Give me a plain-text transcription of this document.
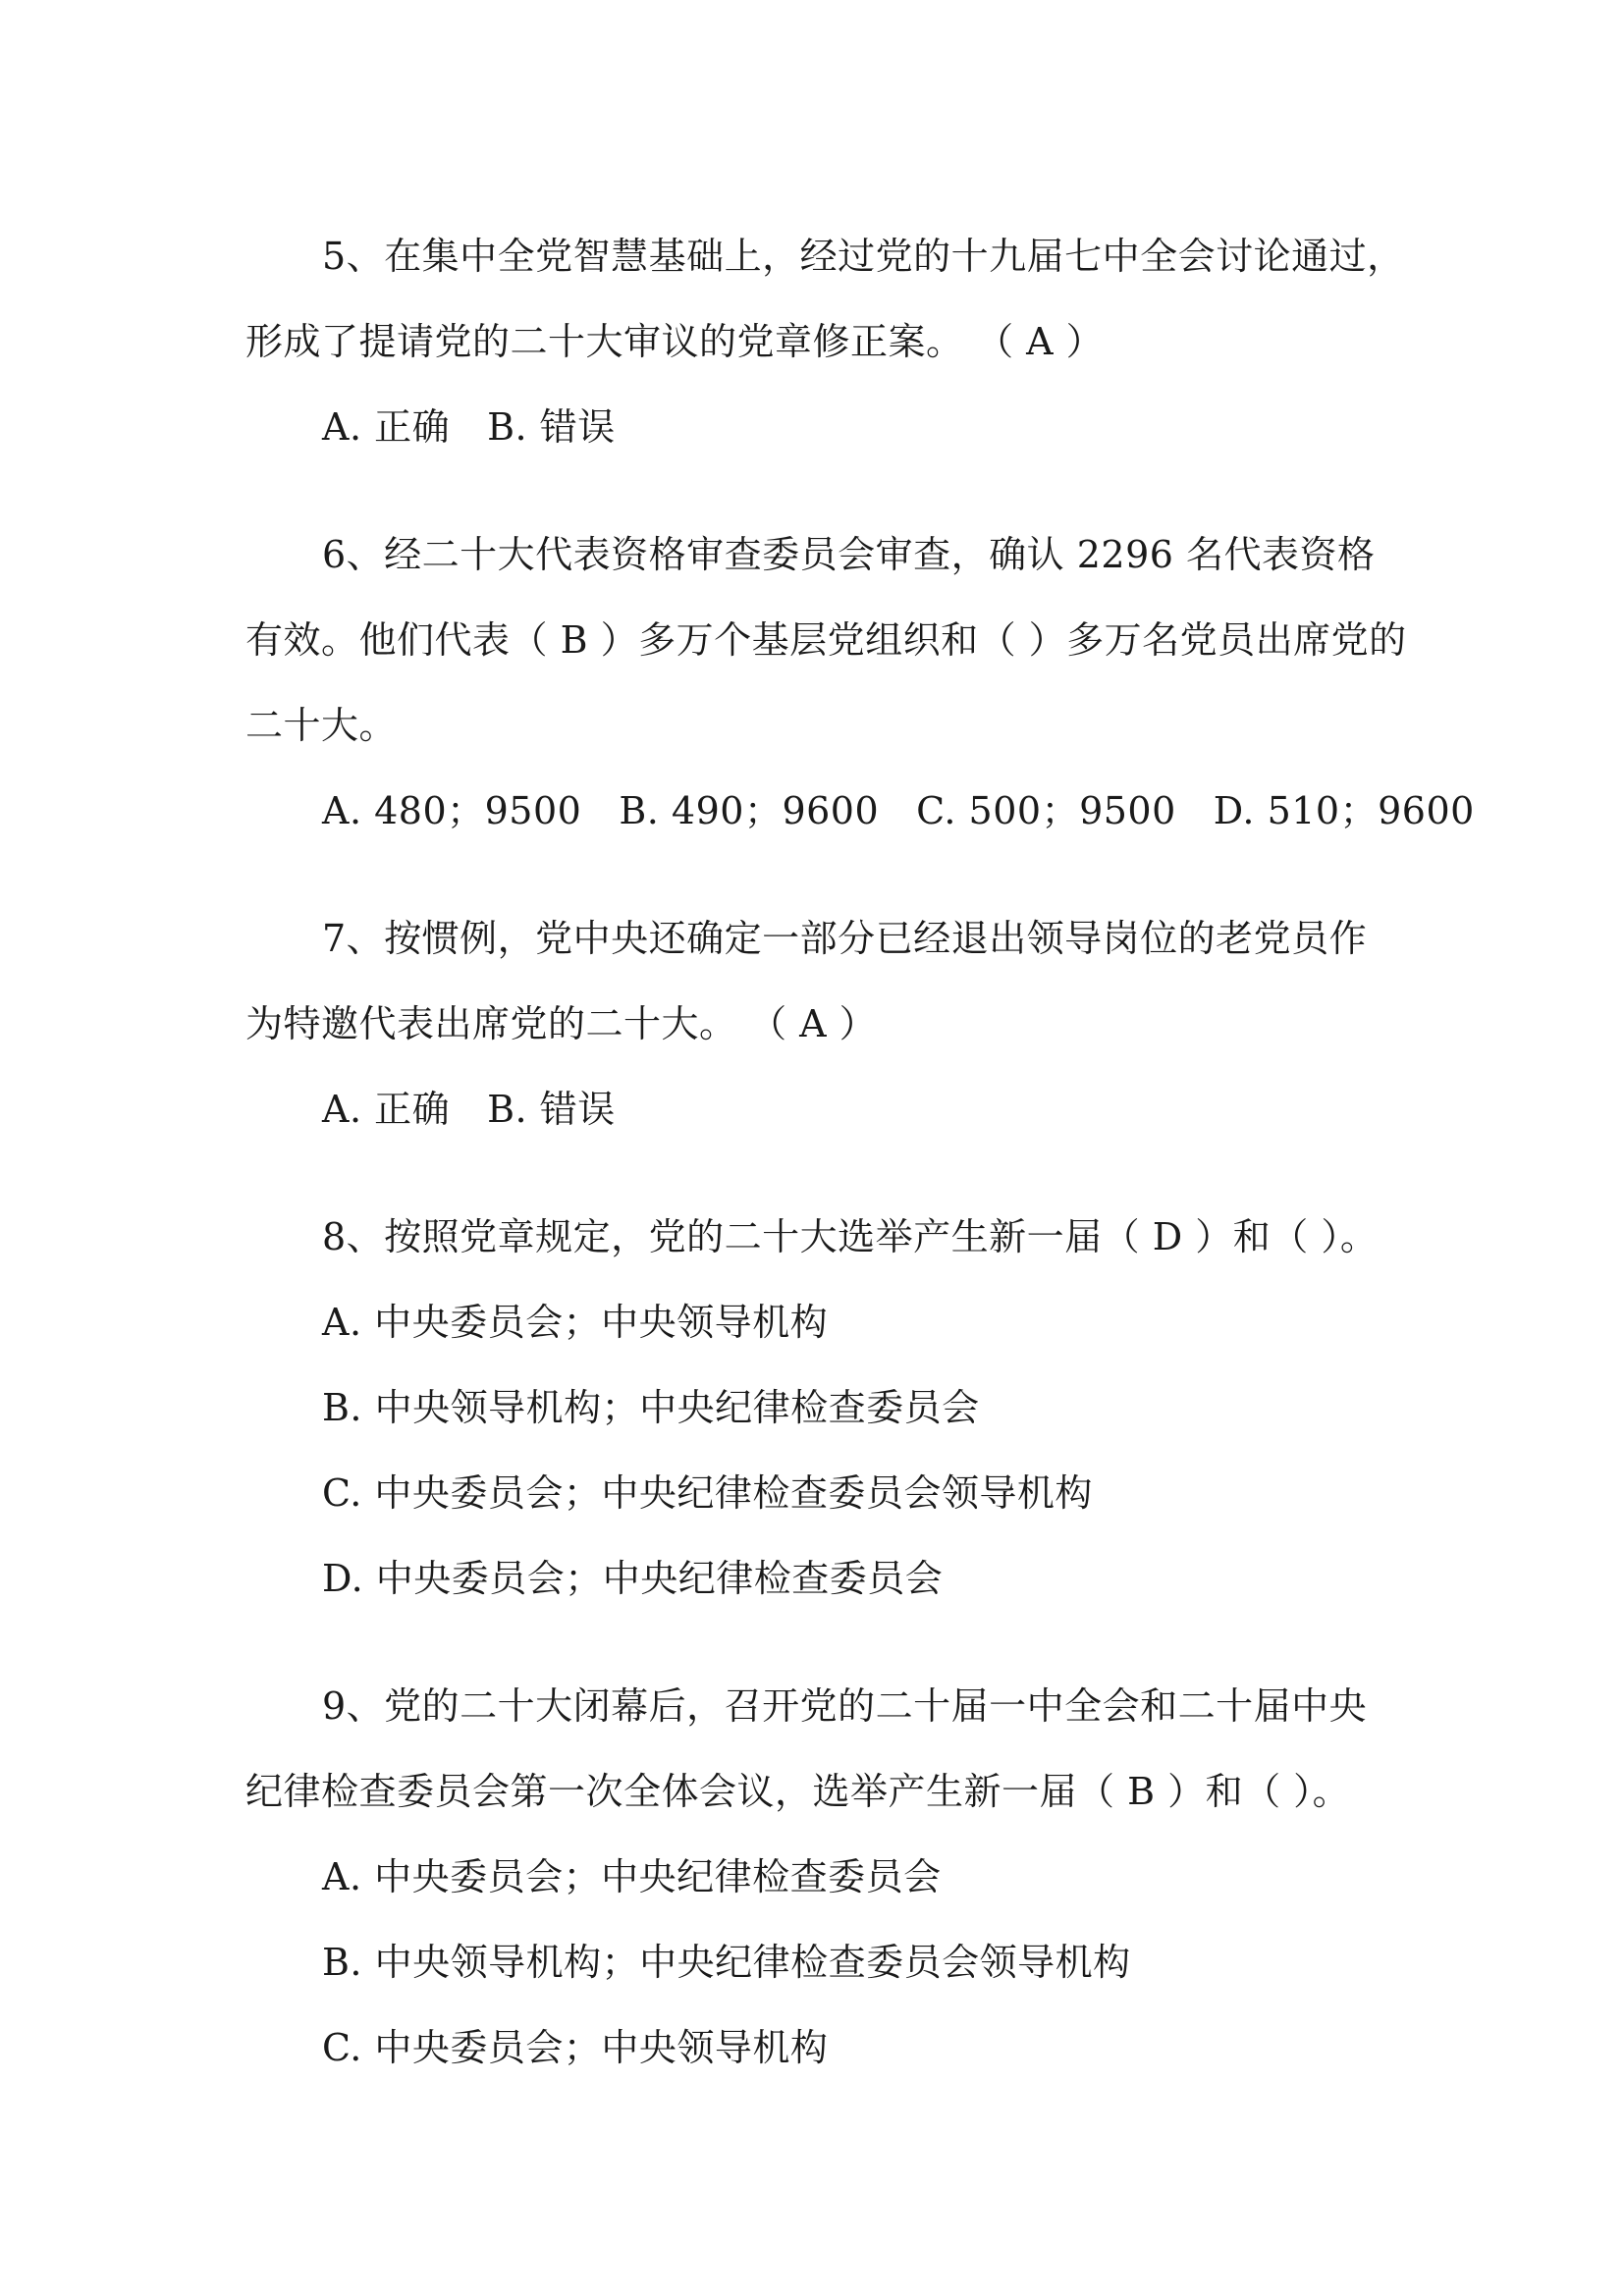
5、在集中全党智慧基础上，经过党的十九届七中全会讨论通过，
形成了提请党的二十大审议的党章修正案。 （ A ）
A. 正确 B. 错误
6、经二十大代表资格审查委员会审查，确认 2296 名代表资格
有效。他们代表（ B ）多万个基层党组织和（ ）多万名党员出席党的
二十大。
A. 480；9500 B. 490；9600 C. 500；9500 D. 510；9600
7、按惯例，党中央还确定一部分已经退出领导岗位的老党员作
为特邀代表出席党的二十大。 （ A ）
A. 正确 B. 错误
8、按照党章规定，党的二十大选举产生新一届（ D ）和（ ）。
A. 中央委员会；中央领导机构
B. 中央领导机构；中央纪律检查委员会
C. 中央委员会；中央纪律检查委员会领导机构
D. 中央委员会；中央纪律检查委员会
9、党的二十大闭幕后，召开党的二十届一中全会和二十届中央
纪律检查委员会第一次全体会议，选举产生新一届（ B ）和（ ）。
A. 中央委员会；中央纪律检查委员会
B. 中央领导机构；中央纪律检查委员会领导机构
C. 中央委员会；中央领导机构
